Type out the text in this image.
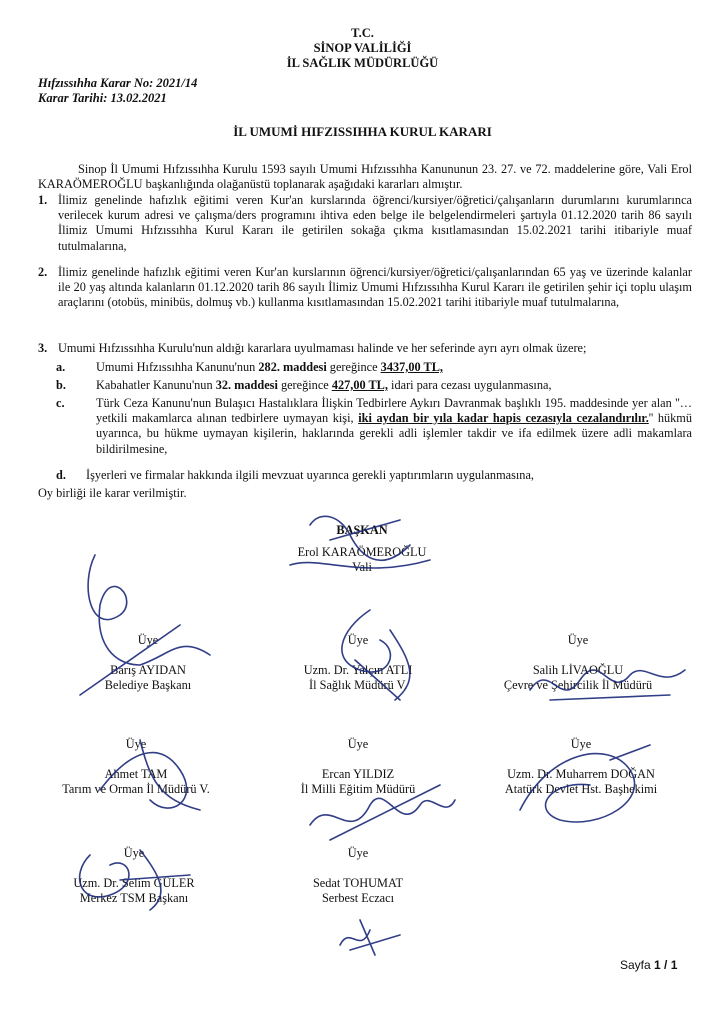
T.C.
SİNOP VALİLİĞİ
İL SAĞLIK MÜDÜRLÜĞÜ
Hıfzıssıhha Karar No: 2021/14
Karar Tarihi: 13.02.2021
İL UMUMİ HIFZISSIHHA KURUL KARARI
Sinop İl Umumi Hıfzıssıhha Kurulu 1593 sayılı Umumi Hıfzıssıhha Kanununun 23. 27. ve 72. maddelerine göre, Vali Erol KARAÖMEROĞLU başkanlığında olağanüstü toplanarak aşağıdaki kararları almıştır.
1. İlimiz genelinde hafızlık eğitimi veren Kur'an kurslarında öğrenci/kursiyer/öğretici/çalışanların durumlarını kurumlarınca verilecek kurum adresi ve çalışma/ders programını ihtiva eden belge ile belgelendirmeleri şartıyla 01.12.2020 tarih 86 sayılı İlimiz Umumi Hıfzıssıhha Kurul Kararı ile getirilen sokağa çıkma kısıtlamasından 15.02.2021 tarihi itibariyle muaf tutulmalarına,
2. İlimiz genelinde hafızlık eğitimi veren Kur'an kurslarının öğrenci/kursiyer/öğretici/çalışanlarından 65 yaş ve üzerinde kalanlar ile 20 yaş altında kalanların 01.12.2020 tarih 86 sayılı İlimiz Umumi Hıfzıssıhha Kurul Kararı ile getirilen şehir içi toplu ulaşım araçlarını (otobüs, minibüs, dolmuş vb.) kullanma kısıtlamasından 15.02.2021 tarihi itibariyle muaf tutulmalarına,
3. Umumi Hıfzıssıhha Kurulu'nun aldığı kararlara uyulmaması halinde ve her seferinde ayrı ayrı olmak üzere;
a.	Umumi Hıfzıssıhha Kanunu'nun 282. maddesi gereğince 3437,00 TL,
b.	Kabahatler Kanunu'nun 32. maddesi gereğince 427,00 TL, idari para cezası uygulanmasına,
c.	Türk Ceza Kanunu'nun Bulaşıcı Hastalıklara İlişkin Tedbirlere Aykırı Davranmak başlıklı 195. maddesinde yer alan ''…yetkili makamlarca alınan tedbirlere uymayan kişi, iki aydan bir yıla kadar hapis cezasıyla cezalandırılır.'' hükmü uyarınca, bu hükme uymayan kişilerin, haklarında gerekli adli işlemler takdir ve ifa edilmek üzere adli makamlara bildirilmesine,
d.	İşyerleri ve firmalar hakkında ilgili mevzuat uyarınca gerekli yaptırımların uygulanmasına,
Oy birliği ile karar verilmiştir.
BAŞKAN
Erol KARAÖMEROĞLU
Vali
Üye
Barış AYIDAN
Belediye Başkanı
Üye
Uzm. Dr. Yalçın ATLI
İl Sağlık Müdürü V.
Üye
Salih LİVAOĞLU
Çevre ve Şehircilik İl Müdürü
Üye
Ahmet TAM
Tarım ve Orman İl Müdürü V.
Üye
Ercan YILDIZ
İl Milli Eğitim Müdürü
Üye
Uzm. Dr. Muharrem DOĞAN
Atatürk Devlet Hst. Başhekimi
Üye
Uzm. Dr. Selim GÜLER
Merkez TSM Başkanı
Üye
Sedat TOHUMAT
Serbest Eczacı
Sayfa 1 / 1
